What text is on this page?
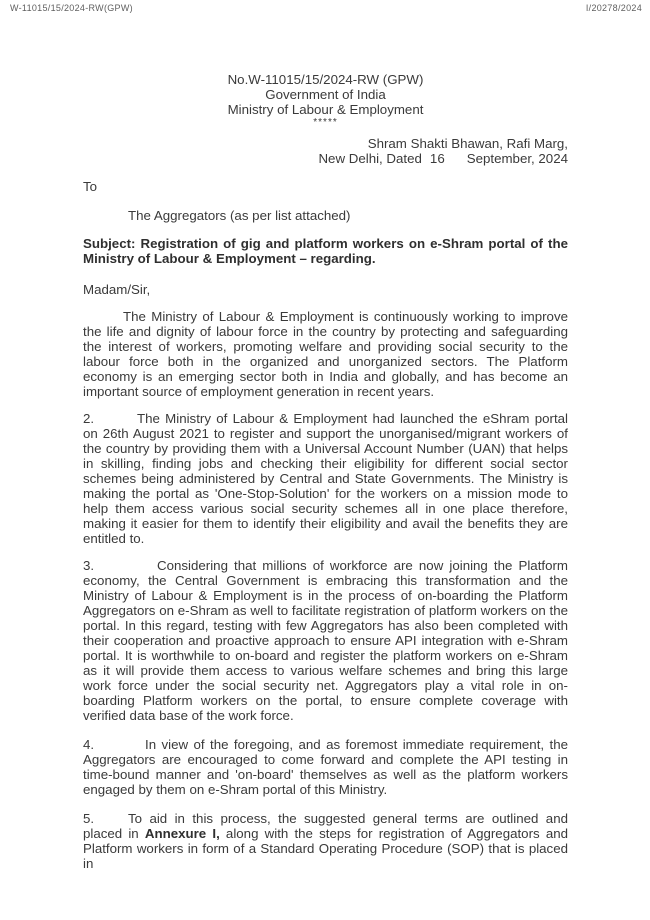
W-11015/15/2024-RW(GPW)	I/20278/2024
No.W-11015/15/2024-RW (GPW)
Government of India
Ministry of Labour & Employment
*****
Shram Shakti Bhawan, Rafi Marg,
New Delhi, Dated 16 September, 2024
To
The Aggregators (as per list attached)
Subject: Registration of gig and platform workers on e-Shram portal of the Ministry of Labour & Employment – regarding.
Madam/Sir,

The Ministry of Labour & Employment is continuously working to improve the life and dignity of labour force in the country by protecting and safeguarding the interest of workers, promoting welfare and providing social security to the labour force both in the organized and unorganized sectors. The Platform economy is an emerging sector both in India and globally, and has become an important source of employment generation in recent years.

2.	The Ministry of Labour & Employment had launched the eShram portal on 26th August 2021 to register and support the unorganised/migrant workers of the country by providing them with a Universal Account Number (UAN) that helps in skilling, finding jobs and checking their eligibility for different social sector schemes being administered by Central and State Governments. The Ministry is making the portal as 'One-Stop-Solution' for the workers on a mission mode to help them access various social security schemes all in one place therefore, making it easier for them to identify their eligibility and avail the benefits they are entitled to.

3.	Considering that millions of workforce are now joining the Platform economy, the Central Government is embracing this transformation and the Ministry of Labour & Employment is in the process of on-boarding the Platform Aggregators on e-Shram as well to facilitate registration of platform workers on the portal. In this regard, testing with few Aggregators has also been completed with their cooperation and proactive approach to ensure API integration with e-Shram portal. It is worthwhile to on-board and register the platform workers on e-Shram as it will provide them access to various welfare schemes and bring this large work force under the social security net. Aggregators play a vital role in on-boarding Platform workers on the portal, to ensure complete coverage with verified data base of the work force.

4.	In view of the foregoing, and as foremost immediate requirement, the Aggregators are encouraged to come forward and complete the API testing in time-bound manner and 'on-board' themselves as well as the platform workers engaged by them on e-Shram portal of this Ministry.

5.	To aid in this process, the suggested general terms are outlined and placed in Annexure I, along with the steps for registration of Aggregators and Platform workers in form of a Standard Operating Procedure (SOP) that is placed in
